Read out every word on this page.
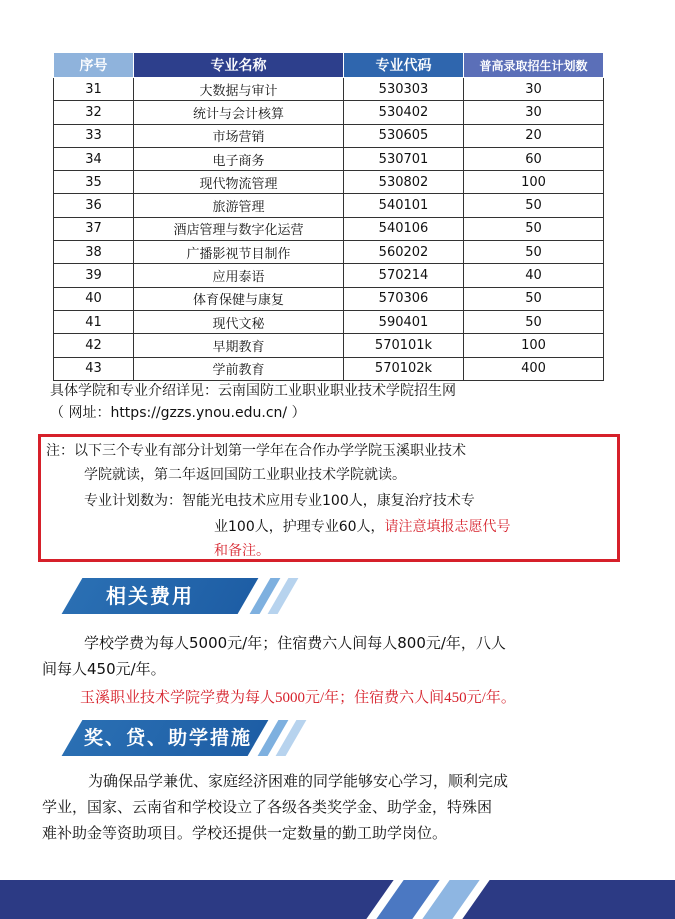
序号	专业名称	专业代码	普高录取招生计划数
31	大数据与审计	530303	30
32	统计与会计核算	530402	30
33	市场营销	530605	20
34	电子商务	530701	60
35	现代物流管理	530802	100
36	旅游管理	540101	50
37	酒店管理与数字化运营	540106	50
38	广播影视节目制作	560202	50
39	应用泰语	570214	40
40	体育保健与康复	570306	50
41	现代文秘	590401	50
42	早期教育	570101k	100
43	学前教育	570102k	400
具体学院和专业介绍详见：云南国防工业职业职业技术学院招生网

（ 网址：https://gzzs.ynou.edu.cn/ ）
注：以下三个专业有部分计划第一学年在合作办学学院玉溪职业技术
学院就读，第二年返回国防工业职业技术学院就读。
专业计划数为：智能光电技术应用专业100人，康复治疗技术专
业100人，护理专业60人，请注意填报志愿代号
和备注。
相关费用
学校学费为每人5000元/年；住宿费六人间每人800元/年，八人
间每人450元/年。
玉溪职业技术学院学费为每人5000元/年；住宿费六人间450元/年。
奖、贷、助学措施
为确保品学兼优、家庭经济困难的同学能够安心学习，顺利完成
学业，国家、云南省和学校设立了各级各类奖学金、助学金，特殊困
难补助金等资助项目。学校还提供一定数量的勤工助学岗位。
